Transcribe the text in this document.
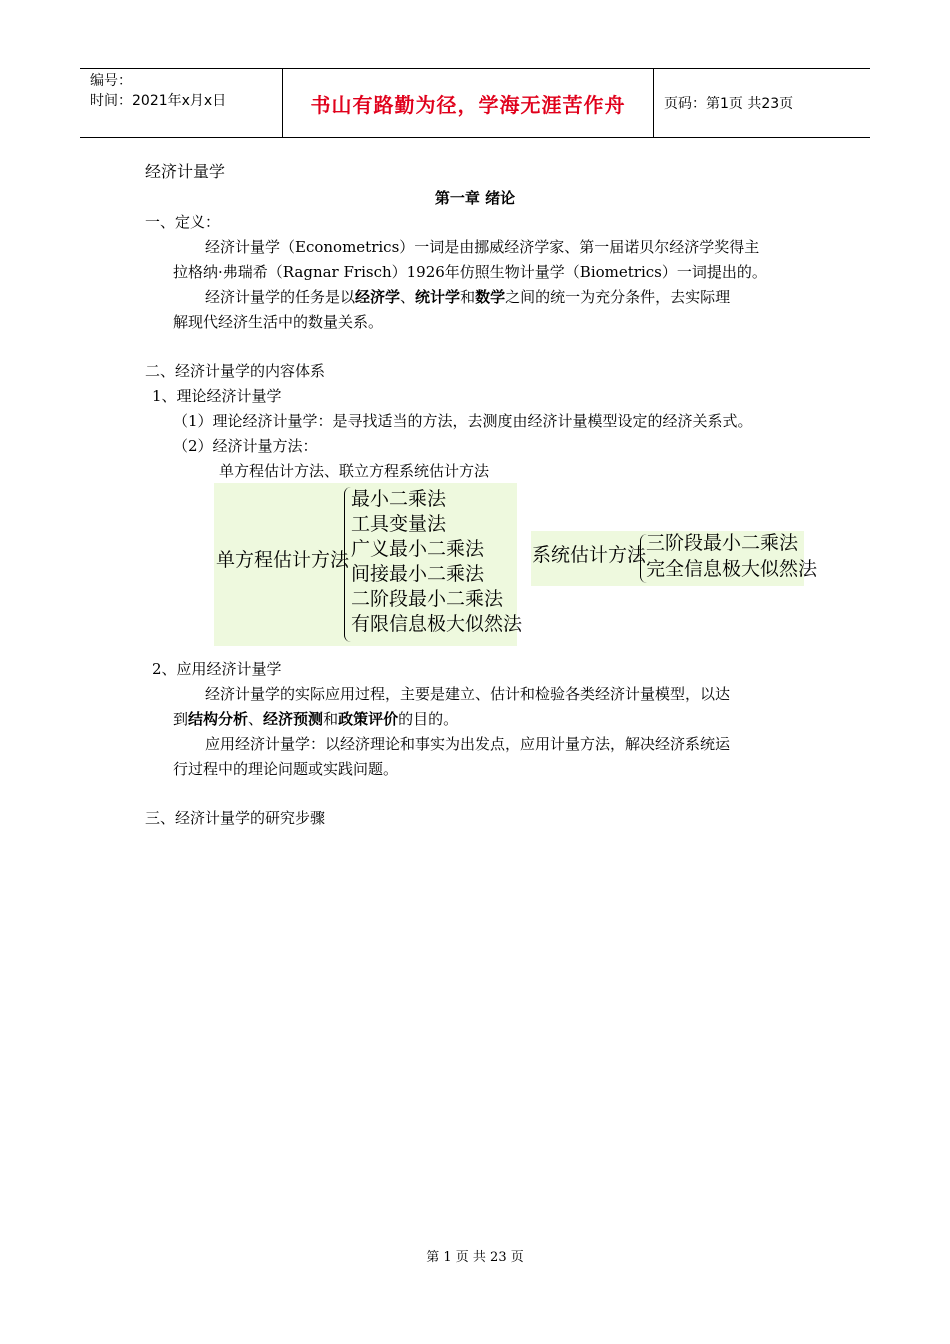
编号：
时间：2021年x月x日	书山有路勤为径，学海无涯苦作舟	页码：第1页 共23页
经济计量学
第一章 绪论
一、定义：
经济计量学（Econometrics）一词是由挪威经济学家、第一届诺贝尔经济学奖得主
拉格纳·弗瑞希（Ragnar Frisch）1926年仿照生物计量学（Biometrics）一词提出的。
经济计量学的任务是以经济学、统计学和数学之间的统一为充分条件，去实际理
解现代经济生活中的数量关系。
二、经济计量学的内容体系
1、理论经济计量学
（1）理论经济计量学：是寻找适当的方法，去测度由经济计量模型设定的经济关系式。
（2）经济计量方法：
单方程估计方法、联立方程系统估计方法
单方程估计方法
最小二乘法
工具变量法
广义最小二乘法
间接最小二乘法
二阶段最小二乘法
有限信息极大似然法
系统估计方法
三阶段最小二乘法
完全信息极大似然法
2、应用经济计量学
经济计量学的实际应用过程，主要是建立、估计和检验各类经济计量模型，以达
到结构分析、经济预测和政策评价的目的。
应用经济计量学：以经济理论和事实为出发点，应用计量方法，解决经济系统运
行过程中的理论问题或实践问题。
三、经济计量学的研究步骤
第 1 页 共 23 页
